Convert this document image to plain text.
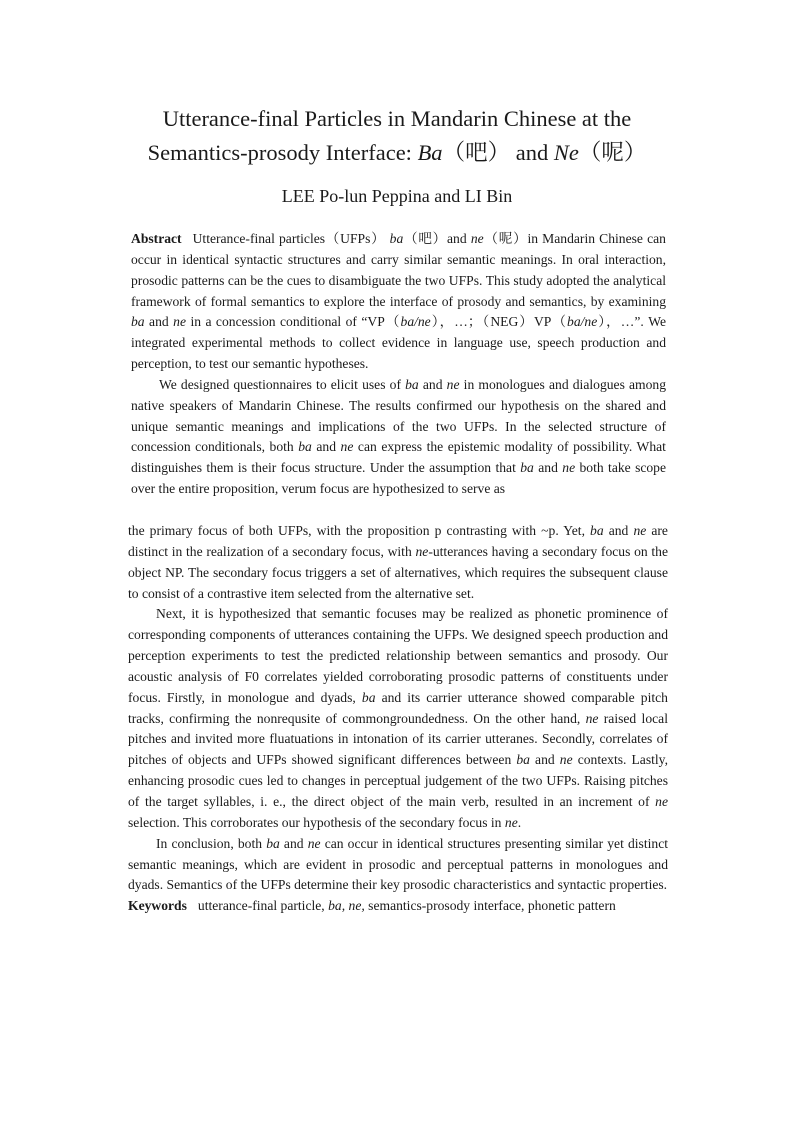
Utterance-final Particles in Mandarin Chinese at the
Semantics-prosody Interface: Ba（吧） and Ne（呢）
LEE Po-lun Peppina and LI Bin

Abstract Utterance-final particles（UFPs） ba（吧）and ne（呢）in Mandarin Chinese can occur in identical syntactic structures and carry similar semantic meanings. In oral interaction, prosodic patterns can be the cues to disambiguate the two UFPs. This study adopted the analytical framework of formal semantics to explore the interface of prosody and semantics, by examining ba and ne in a concession conditional of “VP（ba/ne），…；（NEG）VP（ba/ne），…”. We integrated experimental methods to collect evidence in language use, speech production and perception, to test our semantic hypotheses.

We designed questionnaires to elicit uses of ba and ne in monologues and dialogues among native speakers of Mandarin Chinese. The results confirmed our hypothesis on the shared and unique semantic meanings and implications of the two UFPs. In the selected structure of concession conditionals, both ba and ne can express the epistemic modality of possibility. What distinguishes them is their focus structure. Under the assumption that ba and ne both take scope over the entire proposition, verum focus are hypothesized to serve as

the primary focus of both UFPs, with the proposition p contrasting with ~p. Yet, ba and ne are distinct in the realization of a secondary focus, with ne-utterances having a secondary focus on the object NP. The secondary focus triggers a set of alternatives, which requires the subsequent clause to consist of a contrastive item selected from the alternative set.

Next, it is hypothesized that semantic focuses may be realized as phonetic prominence of corresponding components of utterances containing the UFPs. We designed speech production and perception experiments to test the predicted relationship between semantics and prosody. Our acoustic analysis of F0 correlates yielded corroborating prosodic patterns of constituents under focus. Firstly, in monologue and dyads, ba and its carrier utterance showed comparable pitch tracks, confirming the nonrequsite of commongroundedness. On the other hand, ne raised local pitches and invited more fluatuations in intonation of its carrier utteranes. Secondly, correlates of pitches of objects and UFPs showed significant differences between ba and ne contexts. Lastly, enhancing prosodic cues led to changes in perceptual judgement of the two UFPs. Raising pitches of the target syllables, i. e., the direct object of the main verb, resulted in an increment of ne selection. This corroborates our hypothesis of the secondary focus in ne.

In conclusion, both ba and ne can occur in identical structures presenting similar yet distinct semantic meanings, which are evident in prosodic and perceptual patterns in monologues and dyads. Semantics of the UFPs determine their key prosodic characteristics and syntactic properties.

Keywords utterance-final particle, ba, ne, semantics-prosody interface, phonetic pattern
